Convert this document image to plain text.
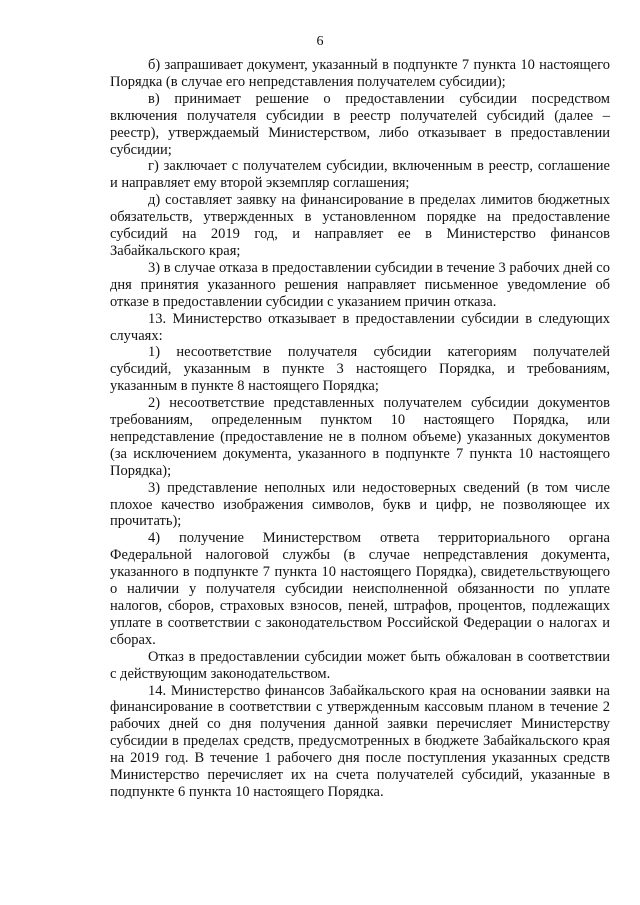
6

б) запрашивает документ, указанный в подпункте 7 пункта 10 настоящего Порядка (в случае его непредставления получателем субсидии);

в) принимает решение о предоставлении субсидии посредством включения получателя субсидии в реестр получателей субсидий (далее – реестр), утверждаемый Министерством, либо отказывает в предоставлении субсидии;

г) заключает с получателем субсидии, включенным в реестр, соглашение и направляет ему второй экземпляр соглашения;

д) составляет заявку на финансирование в пределах лимитов бюджетных обязательств, утвержденных в установленном порядке на предоставление субсидий на 2019 год, и направляет ее в Министерство финансов Забайкальского края;

3) в случае отказа в предоставлении субсидии в течение 3 рабочих дней со дня принятия указанного решения направляет письменное уведомление об отказе в предоставлении субсидии с указанием причин отказа.

13. Министерство отказывает в предоставлении субсидии в следующих случаях:

1) несоответствие получателя субсидии категориям получателей субсидий, указанным в пункте 3 настоящего Порядка, и требованиям, указанным в пункте 8 настоящего Порядка;

2) несоответствие представленных получателем субсидии документов требованиям, определенным пунктом 10 настоящего Порядка, или непредставление (предоставление не в полном объеме) указанных документов (за исключением документа, указанного в подпункте 7 пункта 10 настоящего Порядка);

3) представление неполных или недостоверных сведений (в том числе плохое качество изображения символов, букв и цифр, не позволяющее их прочитать);

4) получение Министерством ответа территориального органа Федеральной налоговой службы (в случае непредставления документа, указанного в подпункте 7 пункта 10 настоящего Порядка), свидетельствующего о наличии у получателя субсидии неисполненной обязанности по уплате налогов, сборов, страховых взносов, пеней, штрафов, процентов, подлежащих уплате в соответствии с законодательством Российской Федерации о налогах и сборах.

Отказ в предоставлении субсидии может быть обжалован в соответствии с действующим законодательством.

14. Министерство финансов Забайкальского края на основании заявки на финансирование в соответствии с утвержденным кассовым планом в течение 2 рабочих дней со дня получения данной заявки перечисляет Министерству субсидии в пределах средств, предусмотренных в бюджете Забайкальского края на 2019 год. В течение 1 рабочего дня после поступления указанных средств Министерство перечисляет их на счета получателей субсидий, указанные в подпункте 6 пункта 10 настоящего Порядка.
